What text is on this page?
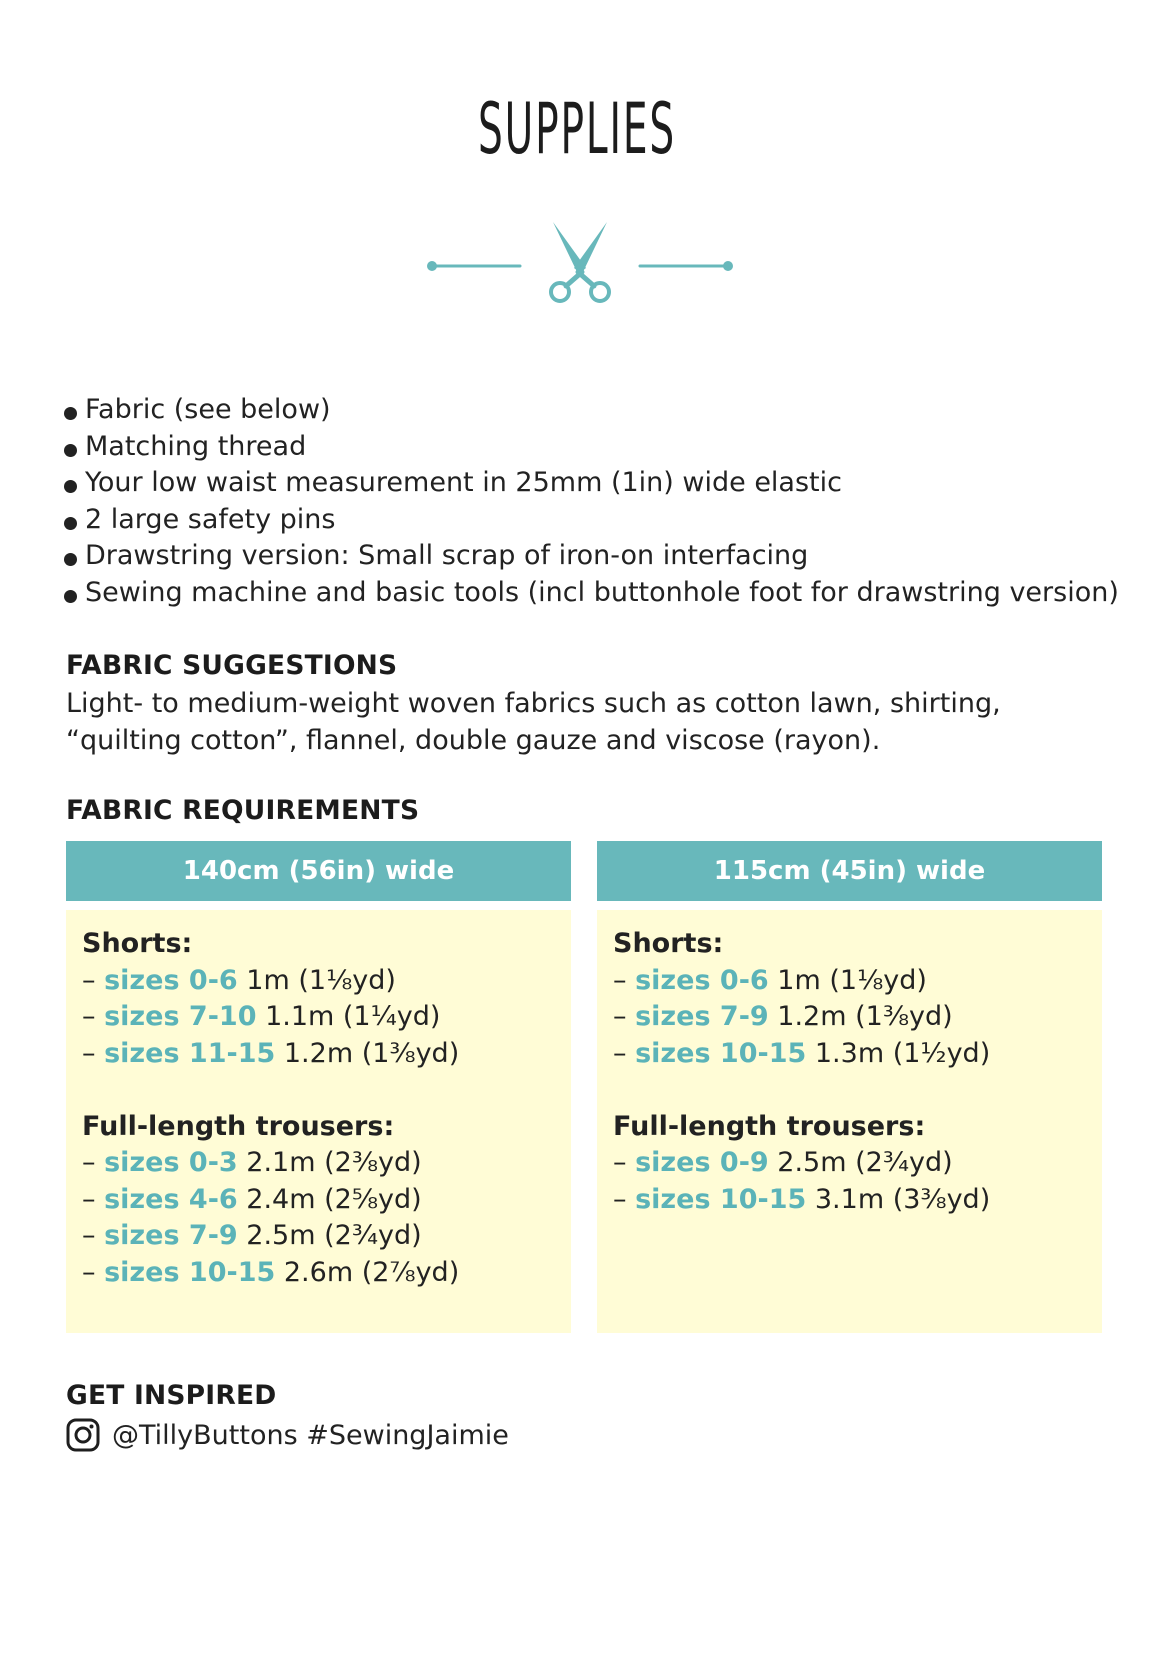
SUPPLIES
Fabric (see below)
Matching thread
Your low waist measurement in 25mm (1in) wide elastic
2 large safety pins
Drawstring version: Small scrap of iron-on interfacing
Sewing machine and basic tools (incl buttonhole foot for drawstring version)
FABRIC SUGGESTIONS
Light- to medium-weight woven fabrics such as cotton lawn, shirting, “quilting cotton”, flannel, double gauze and viscose (rayon).
FABRIC REQUIREMENTS
140cm (56in) wide
Shorts:
– sizes 0-6 1m (1⅛yd)
– sizes 7-10 1.1m (1¼yd)
– sizes 11-15 1.2m (1⅜yd)
Full-length trousers:
– sizes 0-3 2.1m (2⅜yd)
– sizes 4-6 2.4m (2⅝yd)
– sizes 7-9 2.5m (2¾yd)
– sizes 10-15 2.6m (2⅞yd)
115cm (45in) wide
Shorts:
– sizes 0-6 1m (1⅛yd)
– sizes 7-9 1.2m (1⅜yd)
– sizes 10-15 1.3m (1½yd)
Full-length trousers:
– sizes 0-9 2.5m (2¾yd)
– sizes 10-15 3.1m (3⅜yd)
GET INSPIRED
@TillyButtons #SewingJaimie
